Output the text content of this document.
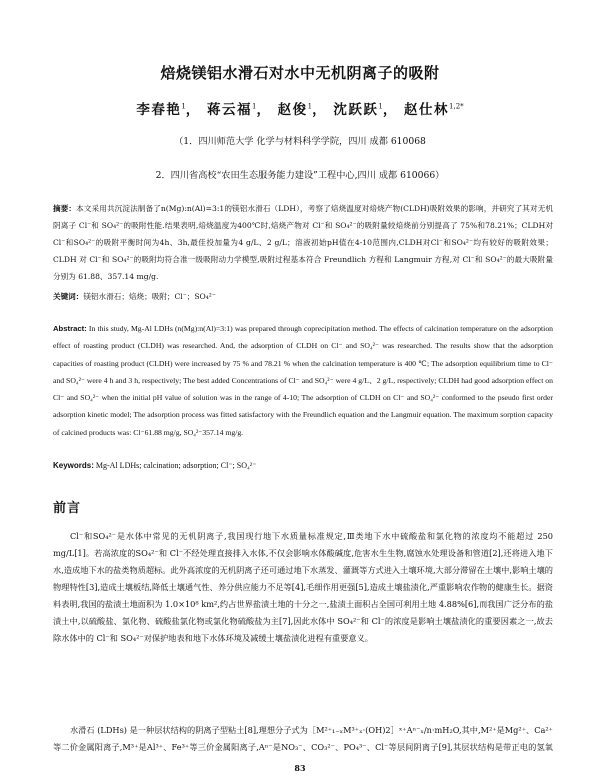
焙烧镁铝水滑石对水中无机阴离子的吸附
李春艳$^1$， 蒋云福$^1$， 赵俊$^1$， 沈跃跃$^1$， 赵仕林$^{1,2*}$
（1．四川师范大学 化学与材料科学学院，四川 成都 610068
2．四川省高校“农田生态服务能力建设”工程中心,四川 成都 610066）
摘要：本文采用共沉淀法制备了n(Mg):n(Al)=3:1的镁铝水滑石（LDH），考察了焙烧温度对焙烧产物(CLDH)吸附效果的影响，并研究了其对无机阴离子 Cl⁻和 SO₄²⁻的吸附性能.结果表明,焙烧温度为400℃时,焙烧产物对 Cl⁻和 SO₄²⁻的吸附量较焙烧前分别提高了 75%和78.21%；CLDH对Cl⁻和SO₄²⁻的吸附平衡时间为4h、3h,最佳投加量为4 g/L、2 g/L；溶液初始pH值在4-10范围内,CLDH对Cl⁻和SO₄²⁻均有较好的吸附效果；CLDH 对 Cl⁻和 SO₄²⁻的吸附均符合准一级吸附动力学模型,吸附过程基本符合 Freundlich 方程和 Langmuir 方程,对 Cl⁻和 SO₄²⁻的最大吸附量分别为 61.88、357.14 mg/g.
关键词：镁铝水滑石；焙烧；吸附；Cl⁻；SO₄²⁻
Abstract: In this study, Mg-Al LDHs (n(Mg):n(Al)=3:1) was prepared through coprecipitation method. The effects of calcination temperature on the adsorption effect of roasting product (CLDH) was researched. And, the adsorption of CLDH on Cl⁻ and SO₄²⁻ was researched. The results show that the adsorption capacities of roasting product (CLDH) were increased by 75 % and 78.21 % when the calcination temperature is 400 ℃; The adsorption equilibrium time to Cl⁻ and SO₄²⁻ were 4 h and 3 h, respectively; The best added Concentrations of Cl⁻ and SO₄²⁻ were 4 g/L、2 g/L, respectively; CLDH had good adsorption effect on Cl⁻ and SO₄²⁻ when the initial pH value of solution was in the range of 4-10; The adsorption of CLDH on Cl⁻ and SO₄²⁻ conformed to the pseudo first order adsorption kinetic model; The adsorption process was fitted satisfactory with the Freundlich equation and the Langmuir equation. The maximum sorption capacity of calcined products was: Cl⁻61.88 mg/g, SO₄²⁻357.14 mg/g.
Keywords: Mg-Al LDHs; calcination; adsorption; Cl⁻; SO₄²⁻
前言
Cl⁻和SO₄²⁻是水体中常见的无机阴离子,我国现行地下水质量标准规定,Ⅲ类地下水中硫酸盐和氯化物的浓度均不能超过 250 mg/L[1]。若高浓度的SO₄²⁻和 Cl⁻不经处理直接排入水体,不仅会影响水体酸碱度,危害水生生物,腐蚀水处理设备和管道[2],还将进入地下水,造成地下水的盐类物质超标。此外高浓度的无机阴离子还可通过地下水蒸发、灌溉等方式进入土壤环境,大部分滞留在土壤中,影响土壤的物理特性[3],造成土壤板结,降低土壤通气性、养分供应能力不足等[4],毛细作用更强[5],造成土壤盐渍化,严重影响农作物的健康生长。据资料表明,我国的盐渍土地面积为 1.0×10⁸ km²,约占世界盐渍土地的十分之一,盐渍土面积占全国可利用土地 4.88%[6],而我国广泛分布的盐渍土中,以硫酸盐、氯化物、硫酸盐氯化物或氯化物硫酸盐为主[7],因此水体中 SO₄²⁻和 Cl⁻的浓度是影响土壤盐渍化的重要因素之一,故去除水体中的 Cl⁻和 SO₄²⁻对保护地表和地下水体环境及减缓土壤盐渍化进程有重要意义。
水滑石 (LDHs) 是一种层状结构的阴离子型粘土[8],理想分子式为［M²⁺₁₋ₓM³⁺ₓ·(OH)2］ˣ⁺Aⁿ⁻ₓ/n·mH₂O,其中,M²⁺是Mg²⁺、Ca²⁺等二价金属阳离子,M³⁺是Al³⁺、Fe³⁺等三价金属阳离子,Aⁿ⁻是NO₃⁻、CO₃²⁻、PO₄³⁻、Cl⁻等层间阴离子[9],其层状结构是带正电的氢氧
83
